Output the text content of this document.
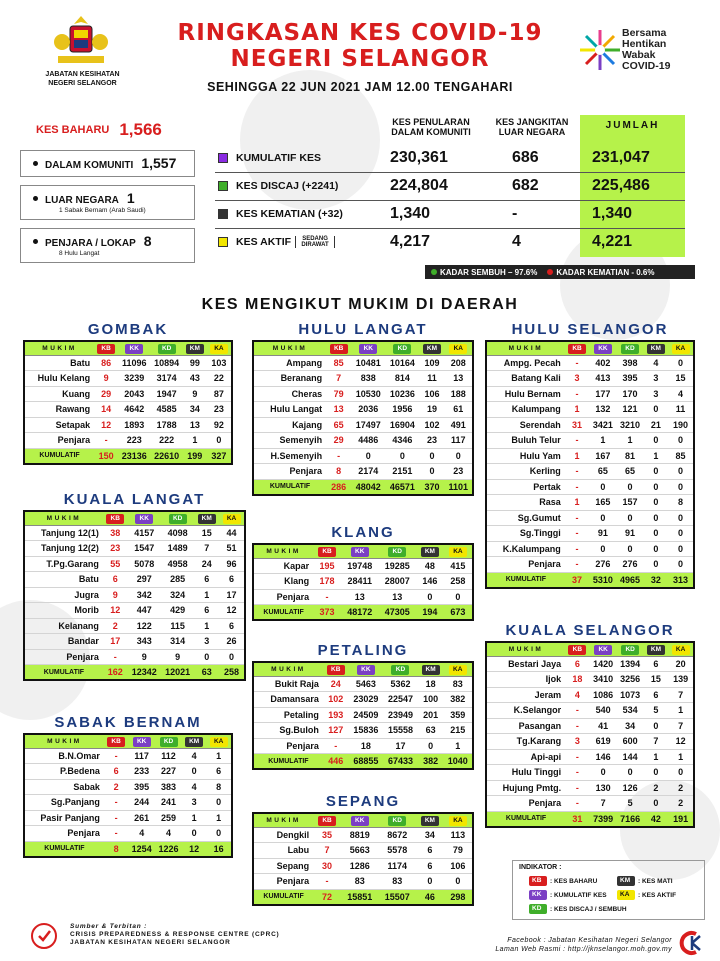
JABATAN KESIHATAN
NEGERI SELANGOR
RINGKASAN KES COVID-19
NEGERI SELANGOR
SEHINGGA 22 JUN 2021 JAM 12.00 TENGAHARI
Bersama
Hentikan
Wabak
COVID-19
KES BAHARU 1,566
DALAM KOMUNITI 1,557
LUAR NEGARA 1
1 Sabak Bernam (Arab Saudi)
PENJARA / LOKAP 8
8 Hulu Langat
KES PENULARAN DALAM KOMUNITI
KES JANGKITAN LUAR NEGARA
JUMLAH
KUMULATIF KES	230,361	686	231,047
KES DISCAJ (+2241)	224,804	682	225,486
KES KEMATIAN (+32)	1,340	-	1,340
KES AKTIF	SEDANG DIRAWAT	4,217	4	4,221
KADAR SEMBUH – 97.6%	KADAR KEMATIAN - 0.6%
KES MENGIKUT MUKIM DI DAERAH
GOMBAK
MUKIM	KB	KK	KD	KM	KA
Batu	86	11096	10894	99	103
Hulu Kelang	9	3239	3174	43	22
Kuang	29	2043	1947	9	87
Rawang	14	4642	4585	34	23
Setapak	12	1893	1788	13	92
Penjara	-	223	222	1	0
KUMULATIF	150	23136	22610	199	327
KUALA LANGAT
MUKIM	KB	KK	KD	KM	KA
Tanjung 12(1)	38	4157	4098	15	44
Tanjung 12(2)	23	1547	1489	7	51
T.Pg.Garang	55	5078	4958	24	96
Batu	6	297	285	6	6
Jugra	9	342	324	1	17
Morib	12	447	429	6	12
Kelanang	2	122	115	1	6
Bandar	17	343	314	3	26
Penjara	-	9	9	0	0
KUMULATIF	162	12342	12021	63	258
SABAK BERNAM
MUKIM	KB	KK	KD	KM	KA
B.N.Omar	-	117	112	4	1
P.Bedena	6	233	227	0	6
Sabak	2	395	383	4	8
Sg.Panjang	-	244	241	3	0
Pasir Panjang	-	261	259	1	1
Penjara	-	4	4	0	0
KUMULATIF	8	1254	1226	12	16
HULU LANGAT
MUKIM	KB	KK	KD	KM	KA
Ampang	85	10481	10164	109	208
Beranang	7	838	814	11	13
Cheras	79	10530	10236	106	188
Hulu Langat	13	2036	1956	19	61
Kajang	65	17497	16904	102	491
Semenyih	29	4486	4346	23	117
H.Semenyih	-	0	0	0	0
Penjara	8	2174	2151	0	23
KUMULATIF	286	48042	46571	370	1101
KLANG
MUKIM	KB	KK	KD	KM	KA
Kapar	195	19748	19285	48	415
Klang	178	28411	28007	146	258
Penjara	-	13	13	0	0
KUMULATIF	373	48172	47305	194	673
PETALING
MUKIM	KB	KK	KD	KM	KA
Bukit Raja	24	5463	5362	18	83
Damansara	102	23029	22547	100	382
Petaling	193	24509	23949	201	359
Sg.Buloh	127	15836	15558	63	215
Penjara	-	18	17	0	1
KUMULATIF	446	68855	67433	382	1040
SEPANG
MUKIM	KB	KK	KD	KM	KA
Dengkil	35	8819	8672	34	113
Labu	7	5663	5578	6	79
Sepang	30	1286	1174	6	106
Penjara	-	83	83	0	0
KUMULATIF	72	15851	15507	46	298
HULU SELANGOR
MUKIM	KB	KK	KD	KM	KA
Ampg. Pecah	-	402	398	4	0
Batang Kali	3	413	395	3	15
Hulu Bernam	-	177	170	3	4
Kalumpang	1	132	121	0	11
Serendah	31	3421	3210	21	190
Buluh Telur	-	1	1	0	0
Hulu Yam	1	167	81	1	85
Kerling	-	65	65	0	0
Pertak	-	0	0	0	0
Rasa	1	165	157	0	8
Sg.Gumut	-	0	0	0	0
Sg.Tinggi	-	91	91	0	0
K.Kalumpang	-	0	0	0	0
Penjara	-	276	276	0	0
KUMULATIF	37	5310	4965	32	313
KUALA SELANGOR
MUKIM	KB	KK	KD	KM	KA
Bestari Jaya	6	1420	1394	6	20
Ijok	18	3410	3256	15	139
Jeram	4	1086	1073	6	7
K.Selangor	-	540	534	5	1
Pasangan	-	41	34	0	7
Tg.Karang	3	619	600	7	12
Api-api	-	146	144	1	1
Hulu Tinggi	-	0	0	0	0
Hujung Pmtg.	-	130	126	2	2
Penjara	-	7	5	0	2
KUMULATIF	31	7399	7166	42	191
INDIKATOR :
KB	: KES BAHARU	KM	: KES MATI
KK	: KUMULATIF KES	KA	: KES AKTIF
KD	: KES DISCAJ / SEMBUH
Sumber & Terbitan :
CRISIS PREPAREDNESS & RESPONSE CENTRE (CPRC)
JABATAN KESIHATAN NEGERI SELANGOR	Facebook : Jabatan Kesihatan Negeri Selangor
Laman Web Rasmi : http://jknselangor.moh.gov.my
